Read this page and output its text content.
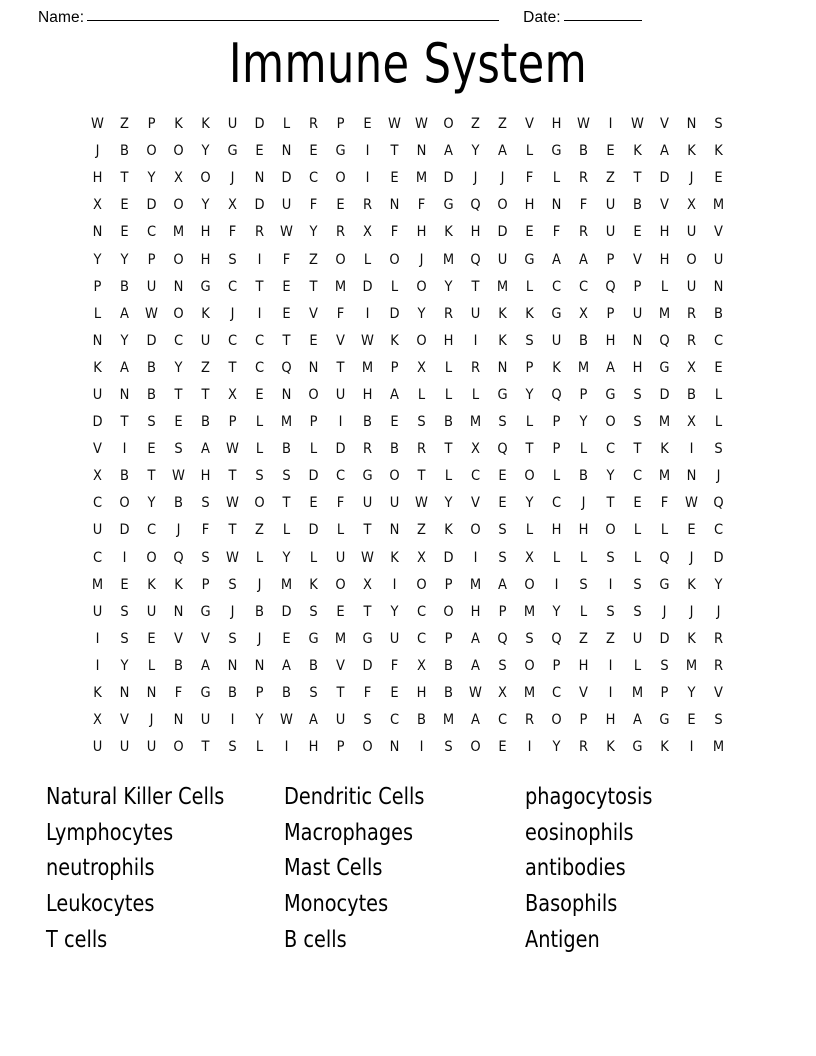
Name:	Date:
Immune System
W	Z	P	K	K	U	D	L	R	P	E	W W	O	Z	Z	V	H	W	I	W	V	N	S
J	B	O	O	Y	G	E	N	E	G	I	T	N	A	Y	A	L	G	B	E	K	A	K	K
H	T	Y	X	O	J	N	D	C	O	I	E	M	D	J	J	F	L	R	Z	T	D	J	E
X	E	D	O	Y	X	D	U	F	E	R	N	F	G	Q	O	H	N	F	U	B	V	X	M
N	E	C	M	H	F	R	W	Y	R	X	F	H	K	H	D	E	F	R	U	E	H	U	V
Y	Y	P	O	H	S	I	F	Z	O	L	O	J	M	Q	U	G	A	A	P	V	H	O	U
P	B	U	N	G	C	T	E	T	M	D	L	O	Y	T	M	L	C	C	Q	P	L	U	N
L	A	W	O	K	J	I	E	V	F	I	D	Y	R	U	K	K	G	X	P	U	M	R	B
N	Y	D	C	U	C	C	T	E	V	W	K	O	H	I	K	S	U	B	H	N	Q	R	C
K	A	B	Y	Z	T	C	Q	N	T	M	P	X	L	R	N	P	K	M	A	H	G	X	E
U	N	B	T	T	X	E	N	O	U	H	A	L	L	L	G	Y	Q	P	G	S	D	B	L
D	T	S	E	B	P	L	M	P	I	B	E	S	B	M	S	L	P	Y	O	S	M	X	L
V	I	E	S	A	W	L	B	L	D	R	B	R	T	X	Q	T	P	L	C	T	K	I	S
X	B	T	W	H	T	S	S	D	C	G	O	T	L	C	E	O	L	B	Y	C	M	N	J
C	O	Y	B	S	W	O	T	E	F	U	U	W	Y	V	E	Y	C	J	T	E	F	W	Q
U	D	C	J	F	T	Z	L	D	L	T	N	Z	K	O	S	L	H	H	O	L	L	E	C
C	I	O	Q	S	W	L	Y	L	U	W	K	X	D	I	S	X	L	L	S	L	Q	J	D
M	E	K	K	P	S	J	M	K	O	X	I	O	P	M	A	O	I	S	I	S	G	K	Y
U	S	U	N	G	J	B	D	S	E	T	Y	C	O	H	P	M	Y	L	S	S	J	J	J
I	S	E	V	V	S	J	E	G	M	G	U	C	P	A	Q	S	Q	Z	Z	U	D	K	R
I	Y	L	B	A	N	N	A	B	V	D	F	X	B	A	S	O	P	H	I	L	S	M	R
K	N	N	F	G	B	P	B	S	T	F	E	H	B	W	X	M	C	V	I	M	P	Y	V
X	V	J	N	U	I	Y	W	A	U	S	C	B	M	A	C	R	O	P	H	A	G	E	S
U	U	U	O	T	S	L	I	H	P	O	N	I	S	O	E	I	Y	R	K	G	K	I	M
Natural Killer Cells	Dendritic Cells	phagocytosis
Lymphocytes	Macrophages	eosinophils
neutrophils	Mast Cells	antibodies
Leukocytes	Monocytes	Basophils
T cells	B cells	Antigen
